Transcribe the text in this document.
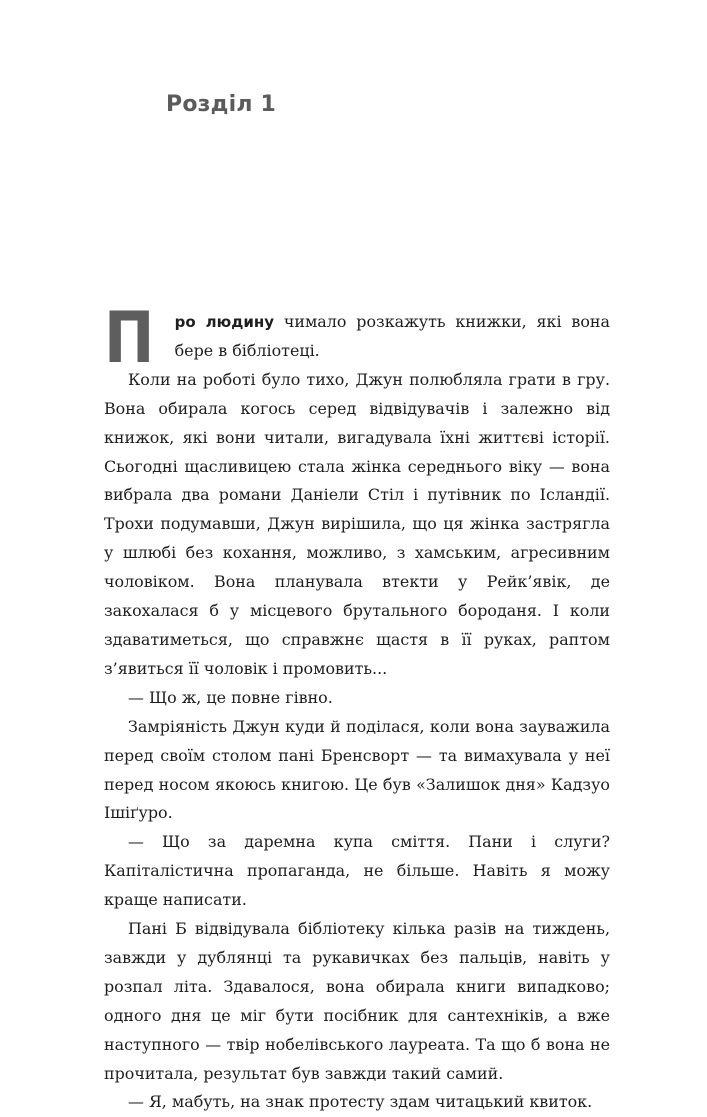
Розділ 1

П ро людину чимало розкажуть книжки, які вона бере в бібліотеці.

Коли на роботі було тихо, Джун полюбляла грати в гру. Вона обирала когось серед відвідувачів і залежно від книжок, які вони читали, вигадувала їхні життєві історії. Сьогодні щасливицею стала жінка середнього віку — вона вибрала два романи Даніели Стіл і путівник по Ісландії. Трохи подумавши, Джун вирішила, що ця жінка застрягла у шлюбі без кохання, можливо, з хамським, агресивним чоловіком. Вона планувала втекти у Рейк’явік, де закохалася б у місцевого брутального бороданя. І коли здаватиметься, що справжнє щастя в її руках, раптом з’явиться її чоловік і промовить...

— Що ж, це повне гівно.

Замріяність Джун куди й поділася, коли вона зауважила перед своїм столом пані Бренсворт — та вимахувала у неї перед носом якоюсь книгою. Це був «Залишок дня» Кадзуо Ішіґуро.

— Що за даремна купа сміття. Пани і слуги? Капіталістична пропаганда, не більше. Навіть я можу краще написати.

Пані Б відвідувала бібліотеку кілька разів на тиждень, завжди у дублянці та рукавичках без пальців, навіть у розпал літа. Здавалося, вона обирала книги випадково; одного дня це міг бути посібник для сантехніків, а вже наступного — твір нобелівського лауреата. Та що б вона не прочитала, результат був завжди такий самий.

— Я, мабуть, на знак протесту здам читацький квиток.
